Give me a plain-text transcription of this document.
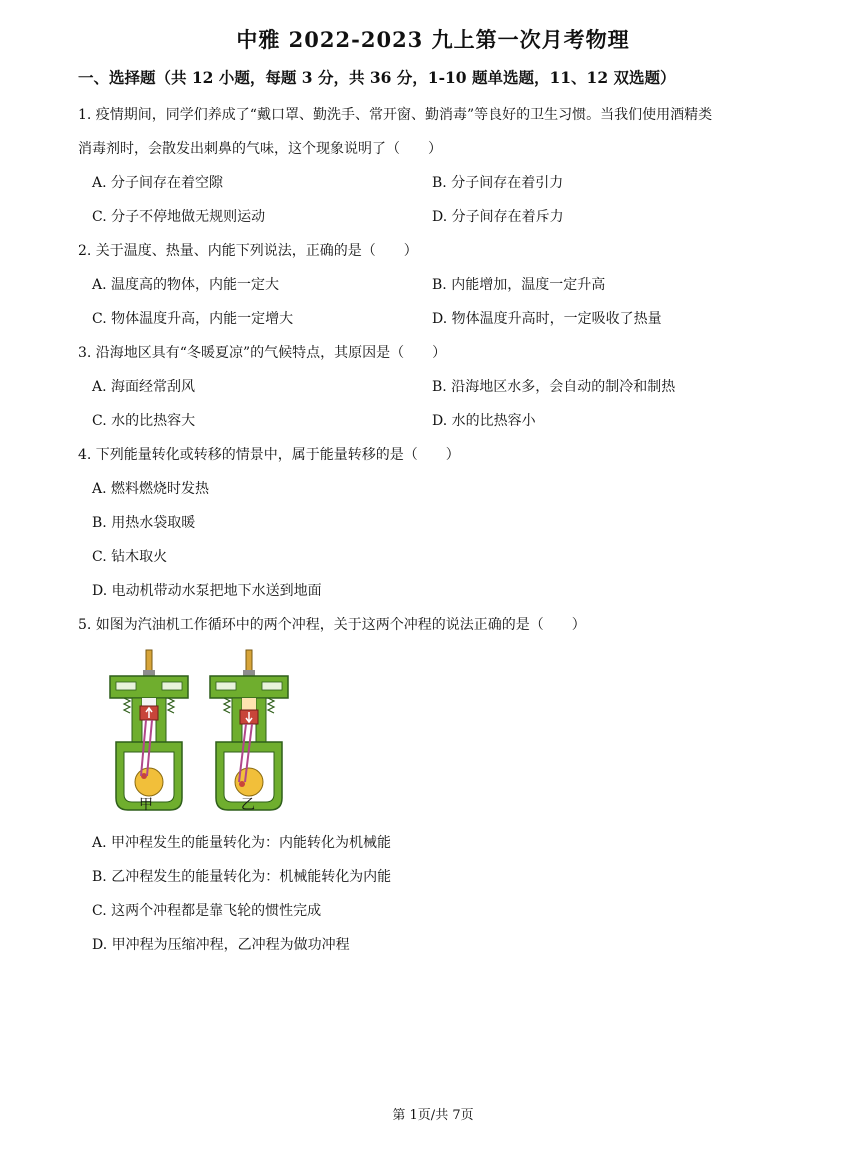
中雅 2022-2023 九上第一次月考物理
一、选择题（共 12 小题，每题 3 分，共 36 分，1-10 题单选题，11、12 双选题）
1. 疫情期间，同学们养成了“戴口罩、勤洗手、常开窗、勤消毒”等良好的卫生习惯。当我们使用酒精类
消毒剂时，会散发出刺鼻的气味，这个现象说明了（　　）
A. 分子间存在着空隙	B. 分子间存在着引力
C. 分子不停地做无规则运动	D. 分子间存在着斥力
2. 关于温度、热量、内能下列说法，正确的是（　　）
A. 温度高的物体，内能一定大	B. 内能增加，温度一定升高
C. 物体温度升高，内能一定增大	D. 物体温度升高时，一定吸收了热量
3. 沿海地区具有“冬暖夏凉”的气候特点，其原因是（　　）
A. 海面经常刮风	B. 沿海地区水多，会自动的制冷和制热
C. 水的比热容大	D. 水的比热容小
4. 下列能量转化或转移的情景中，属于能量转移的是（　　）
A. 燃料燃烧时发热
B. 用热水袋取暖
C. 钻木取火
D. 电动机带动水泵把地下水送到地面
5. 如图为汽油机工作循环中的两个冲程，关于这两个冲程的说法正确的是（　　）
甲	乙
A. 甲冲程发生的能量转化为：内能转化为机械能
B. 乙冲程发生的能量转化为：机械能转化为内能
C. 这两个冲程都是靠飞轮的惯性完成
D. 甲冲程为压缩冲程，乙冲程为做功冲程
第 1页/共 7页
